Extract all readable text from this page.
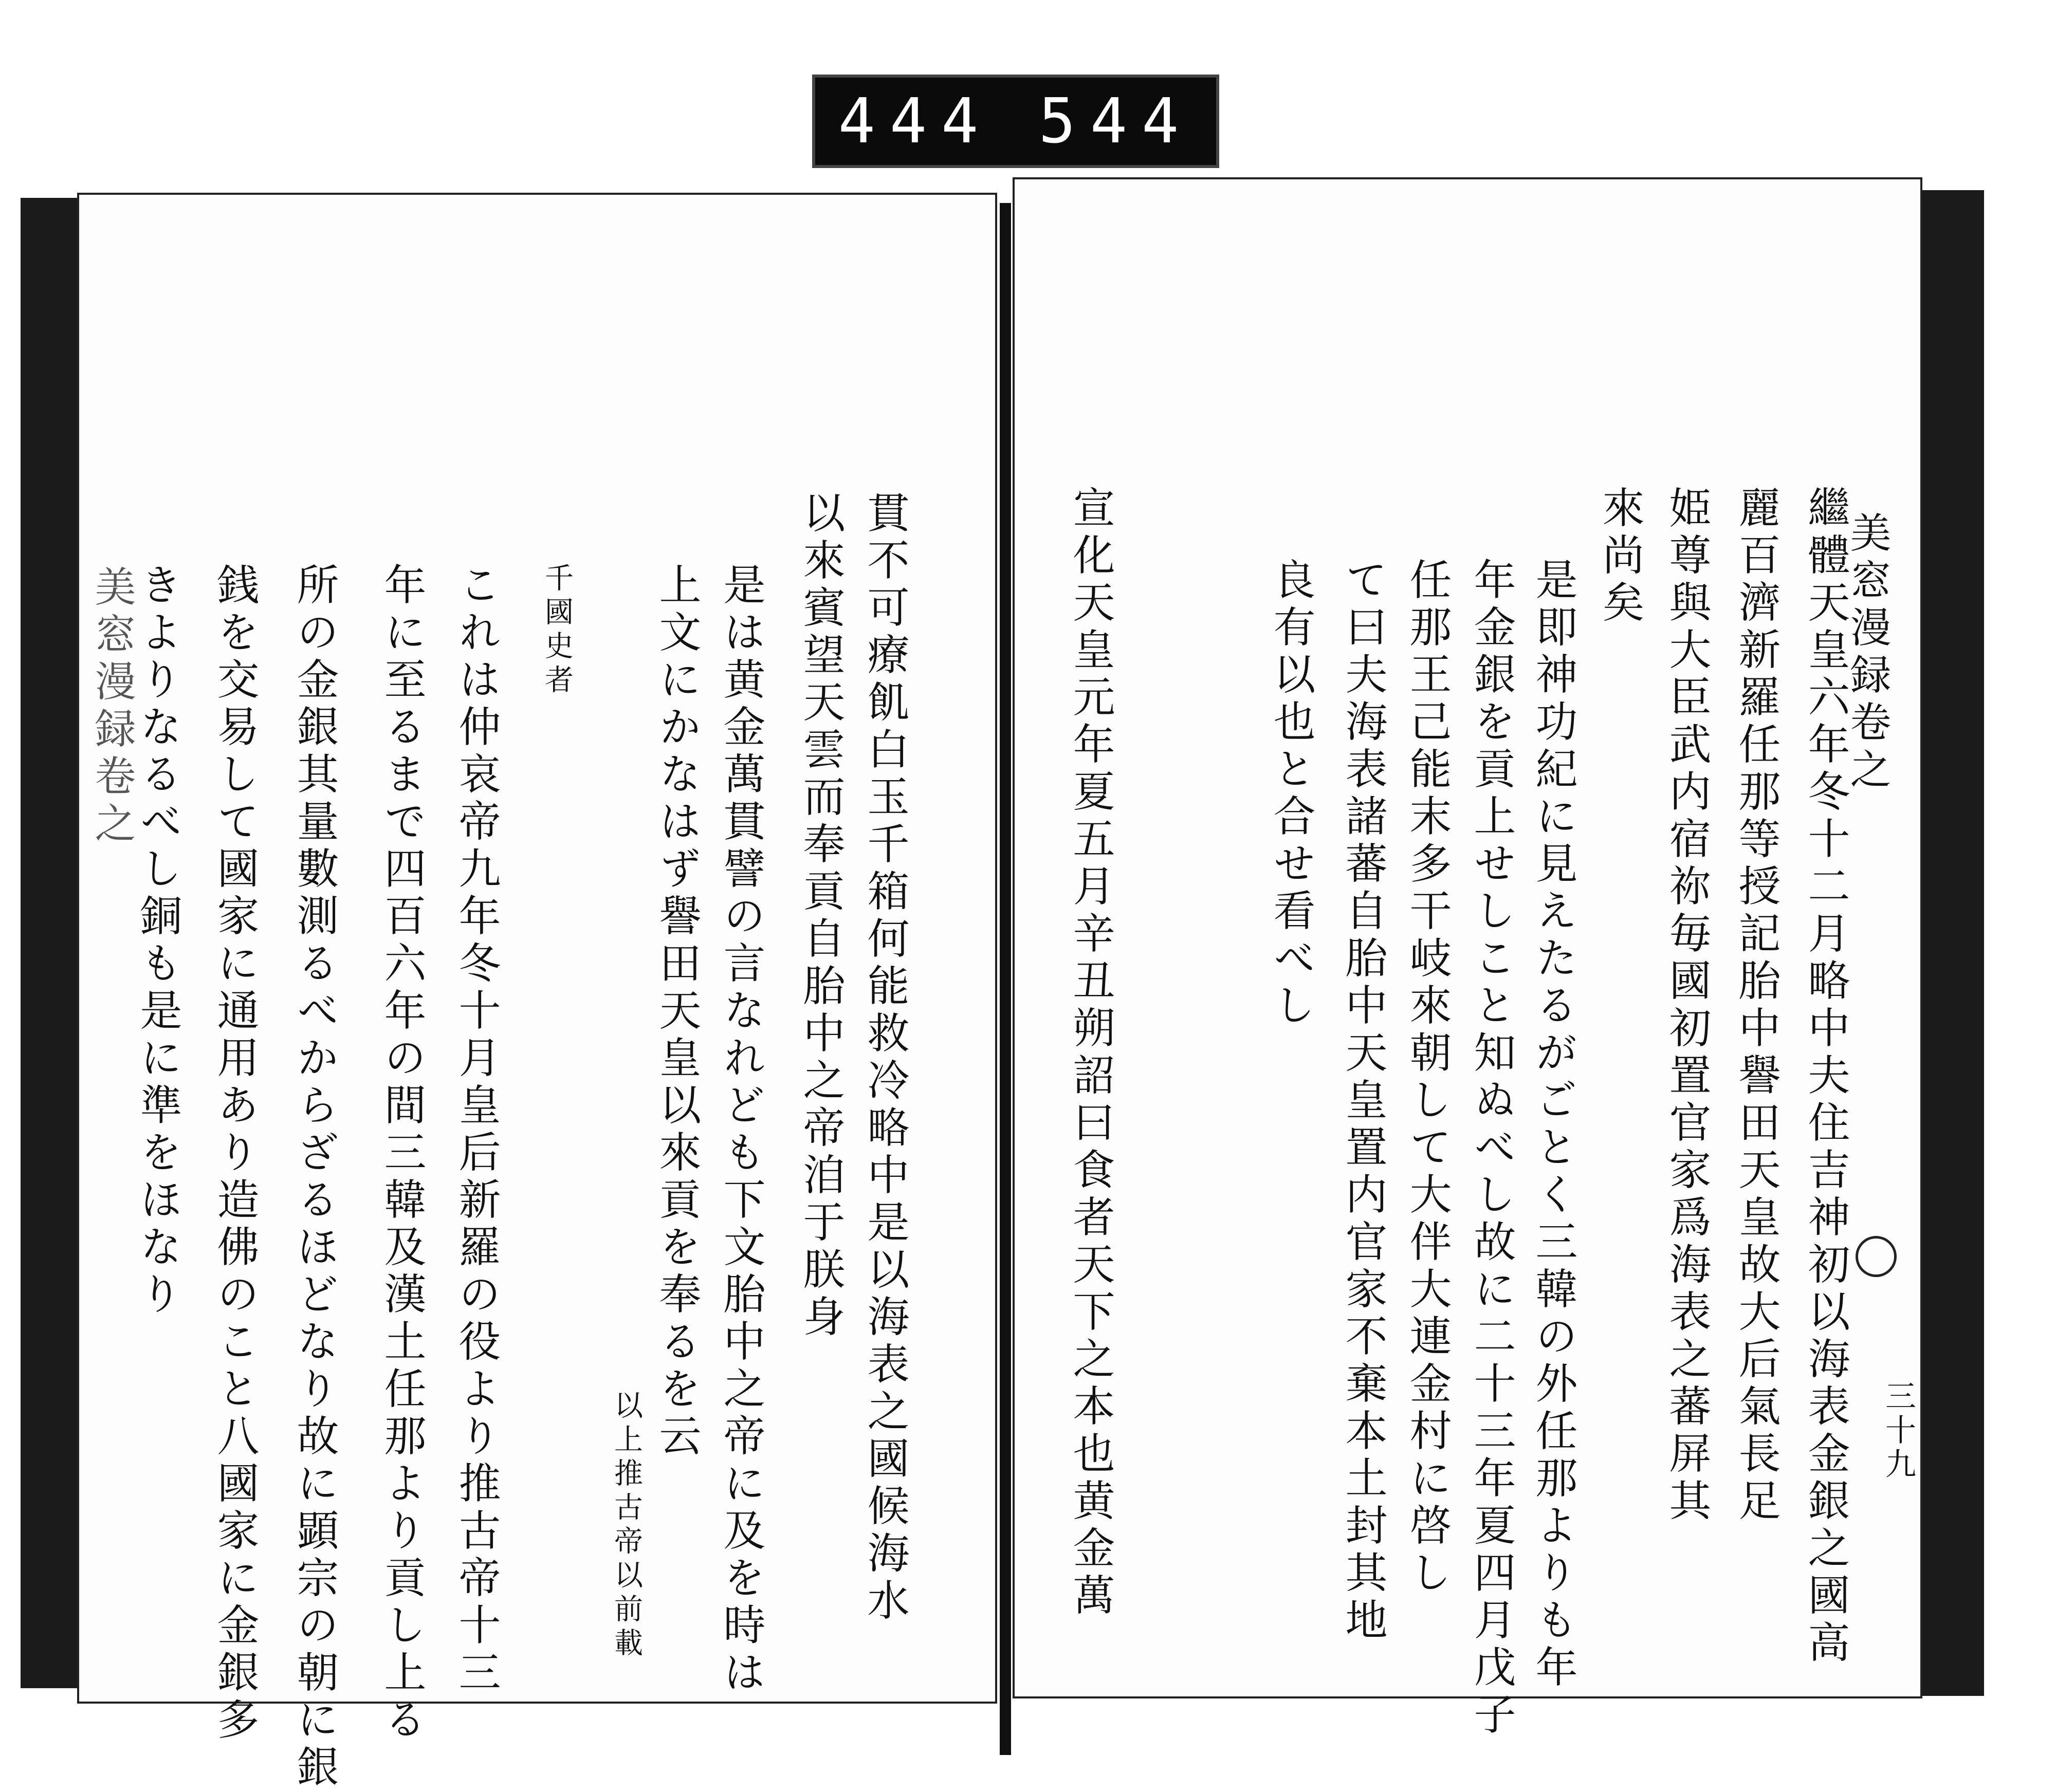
444 544
貫不可療飢白玉千箱何能救冷略中是以海表之國候海水
以來賓望天雲而奉貢自胎中之帝洎于朕身
是は黄金萬貫譬の言なれども下文胎中之帝に及を時は
上文にかなはず譽田天皇以來貢を奉るを云
以上推古帝以前載
千國史者
これは仲哀帝九年冬十月皇后新羅の役より推古帝十三
年に至るまで四百六年の間三韓及漢土任那より貢し上る
所の金銀其量數測るべからざるほどなり故に顕宗の朝に銀
銭を交易して國家に通用あり造佛のこと八國家に金銀多
きよりなるべし銅も是に準をほなり
美窓漫録卷之	美窓漫録卷之
三十九
繼體天皇六年冬十二月略中夫住吉神初以海表金銀之國高
麗百濟新羅任那等授記胎中譽田天皇故大后氣長足
姫尊與大臣武内宿祢毎國初置官家爲海表之蕃屏其
來尚矣
是即神功紀に見えたるがごとく三韓の外任那よりも年
年金銀を貢上せしこと知ぬべし故に二十三年夏四月戊子
任那王己能末多干岐來朝して大伴大連金村に啓し
て曰夫海表諸蕃自胎中天皇置内官家不棄本土封其地
良有以也と合せ看べし
宣化天皇元年夏五月辛丑朔詔曰食者天下之本也黄金萬
